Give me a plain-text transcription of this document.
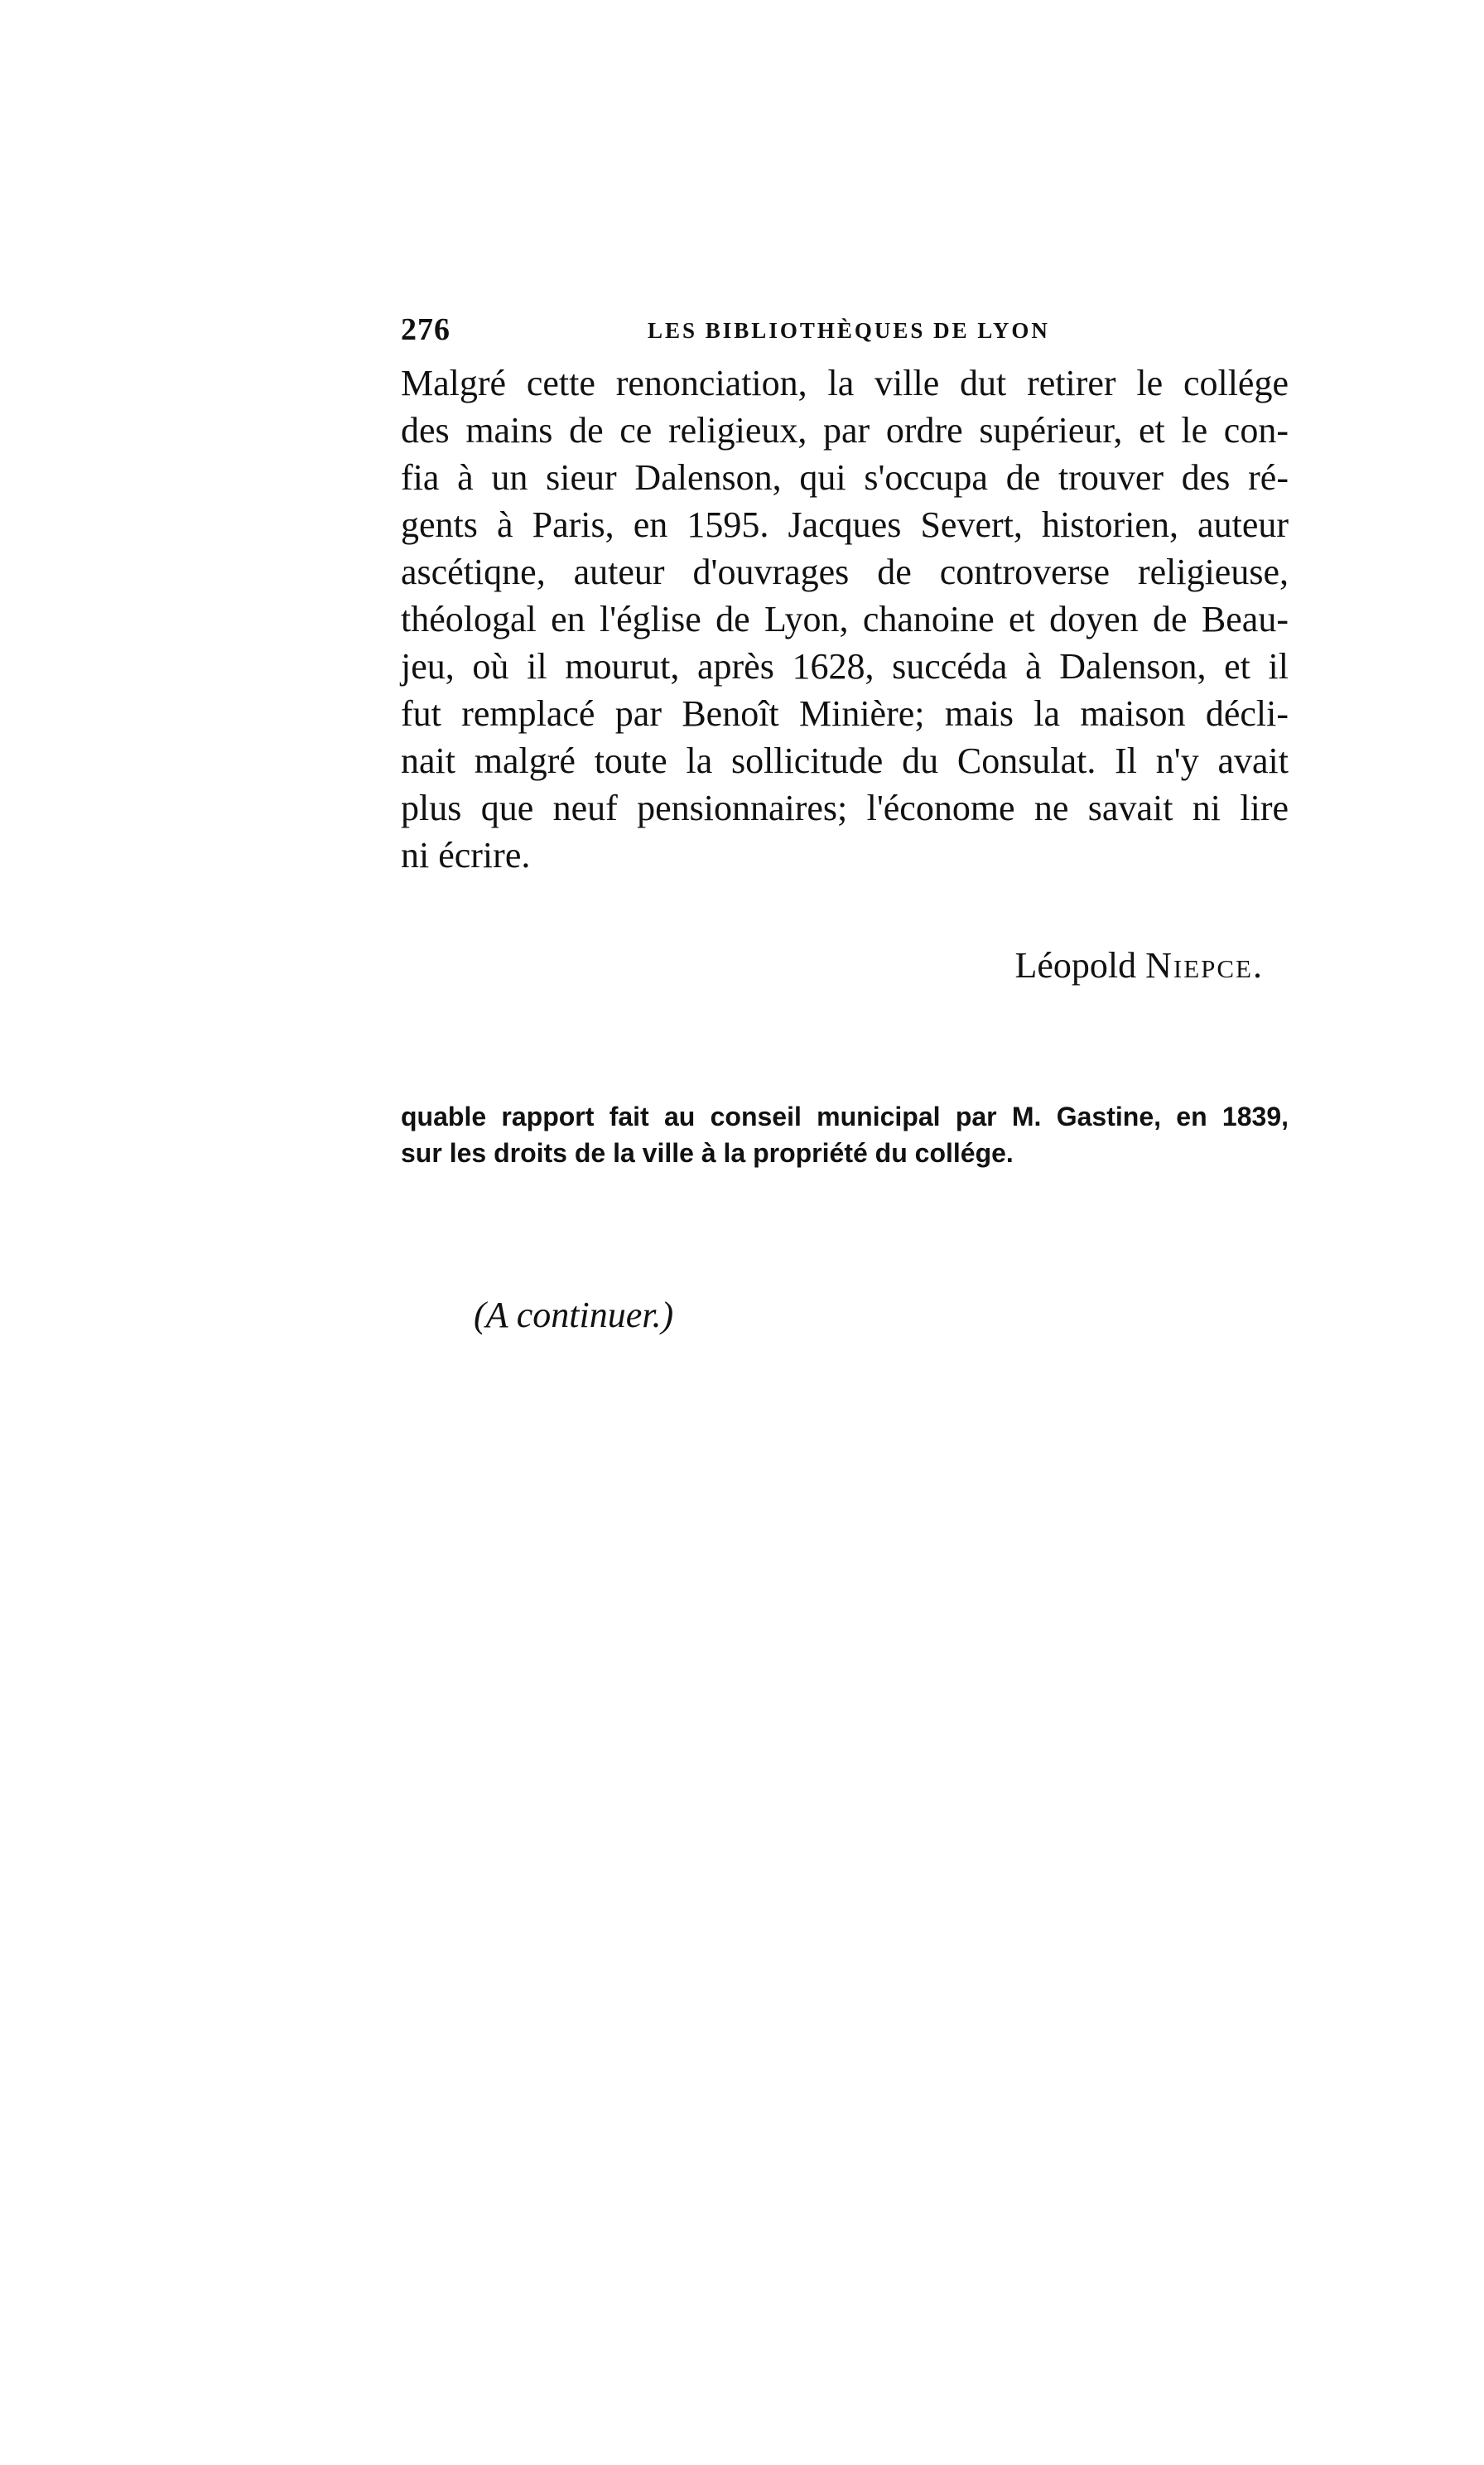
276	LES BIBLIOTHÈQUES DE LYON
Malgré cette renonciation, la ville dut retirer le collége
des mains de ce religieux, par ordre supérieur, et le con-
fia à un sieur Dalenson, qui s'occupa de trouver des ré-
gents à Paris, en 1595. Jacques Severt, historien, auteur
ascétiqne, auteur d'ouvrages de controverse religieuse,
théologal en l'église de Lyon, chanoine et doyen de Beau-
jeu, où il mourut, après 1628, succéda à Dalenson, et il
fut remplacé par Benoît Minière; mais la maison décli-
nait malgré toute la sollicitude du Consulat. Il n'y avait
plus que neuf pensionnaires; l'économe ne savait ni lire
ni écrire.
Léopold Niepce.
quable rapport fait au conseil municipal par M. Gastine, en 1839,
sur les droits de la ville à la propriété du collége.
(A continuer.)
